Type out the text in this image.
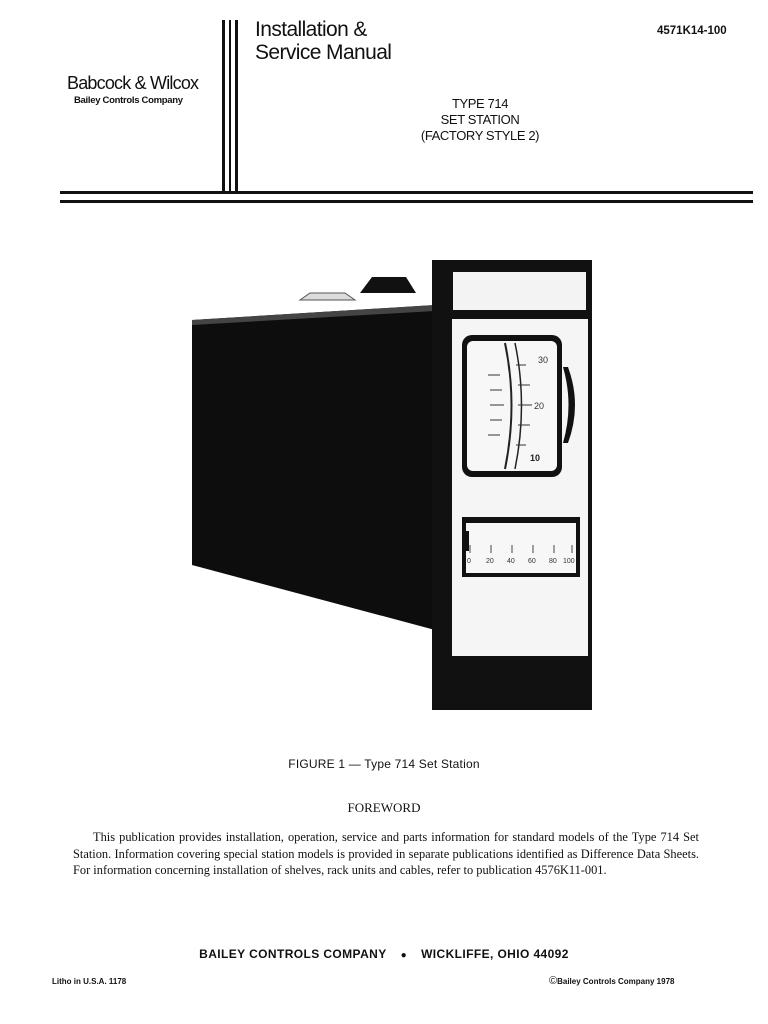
Babcock & Wilcox
Bailey Controls Company
Installation &
Service Manual
4571K14-100
TYPE 714
SET STATION
(FACTORY STYLE 2)
30
20
10
0 20 40 60 80 100
FIGURE 1 — Type 714 Set Station
FOREWORD
This publication provides installation, operation, service and parts information for standard models of the Type 714 Set Station. Information covering special station models is provided in separate publications identified as Difference Data Sheets. For information concerning installation of shelves, rack units and cables, refer to publication 4576K11-001.
BAILEY CONTROLS COMPANY ● WICKLIFFE, OHIO 44092
Litho in U.S.A. 1178	©Bailey Controls Company 1978
